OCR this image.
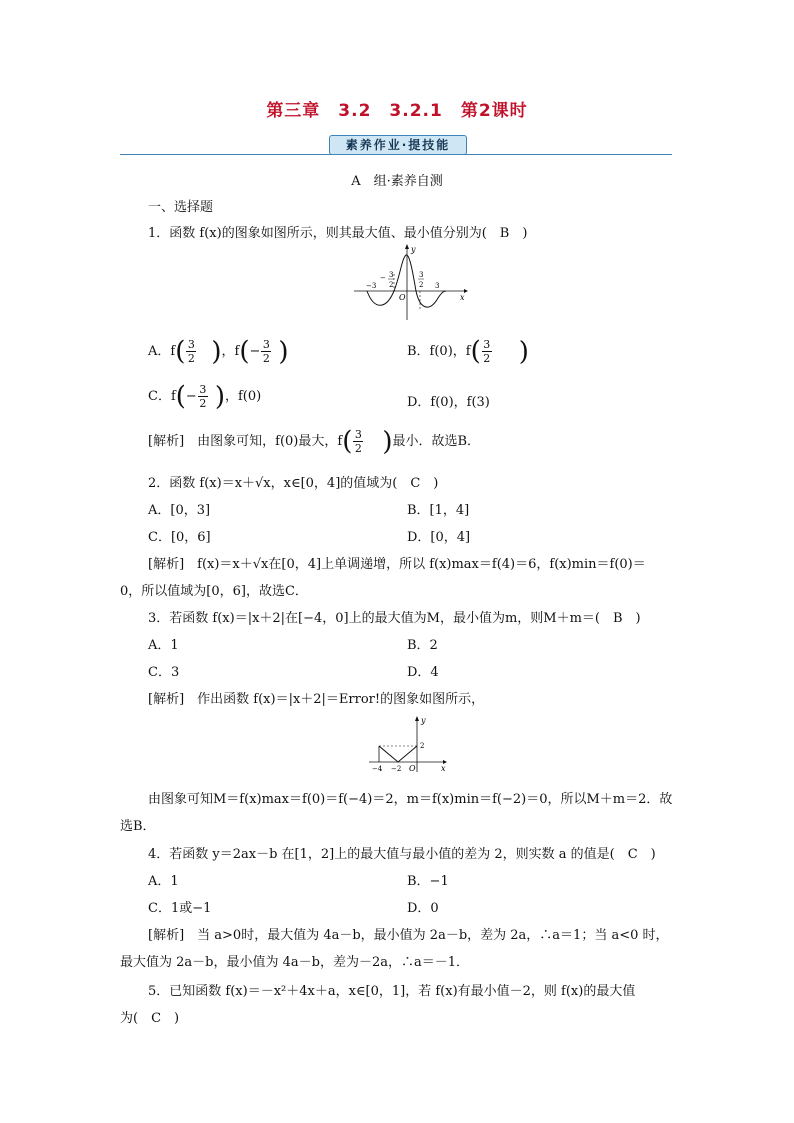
第三章　3.2　3.2.1　第2课时
素养作业·提技能
A　组·素养自测
一、选择题
1．函数 f(x)的图象如图所示，则其最大值、最小值分别为(　B　)
y
x
O
−3
− 3
2
3
2 3
A．$f( \frac{3}{2}$ )，$f(- \frac{3}{2}$ )	B．f(0)，$f( \frac{3}{2}$ )
C．$f(- \frac{3}{2}$ )，f(0)	D．f(0)，f(3)
[解析]　由图象可知，f(0)最大，$f( \frac{3}{2}$ )最小．故选B．
2．函数 f(x)＝x＋√x，x∈[0，4]的值域为(　C　)
A．[0，3]	B．[1，4]
C．[0，6]	D．[0，4]
[解析]　f(x)＝x＋√x在[0，4]上单调递增，所以 f(x)max＝f(4)＝6，f(x)min＝f(0)＝
0，所以值域为[0，6]，故选C．
3．若函数 f(x)＝|x＋2|在[−4，0]上的最大值为M，最小值为m，则M＋m＝(　B　)
A．1	B．2
C．3	D．4
[解析]　作出函数 f(x)＝|x＋2|＝Error!的图象如图所示，
y
x
O
2
−4 −2
由图象可知M＝f(x)max＝f(0)＝f(−4)＝2，m＝f(x)min＝f(−2)＝0，所以M＋m＝2．故
选B．
4．若函数 y＝2ax－b 在[1，2]上的最大值与最小值的差为 2，则实数 a 的值是(　C　)
A．1	B．−1
C．1或−1	D．0
[解析]　当 a>0时，最大值为 4a－b，最小值为 2a－b，差为 2a，∴a＝1；当 a<0 时，
最大值为 2a－b，最小值为 4a－b，差为－2a，∴a＝－1．
5．已知函数 f(x)＝－x²＋4x＋a，x∈[0，1]，若 f(x)有最小值－2，则 f(x)的最大值
为(　C　)
